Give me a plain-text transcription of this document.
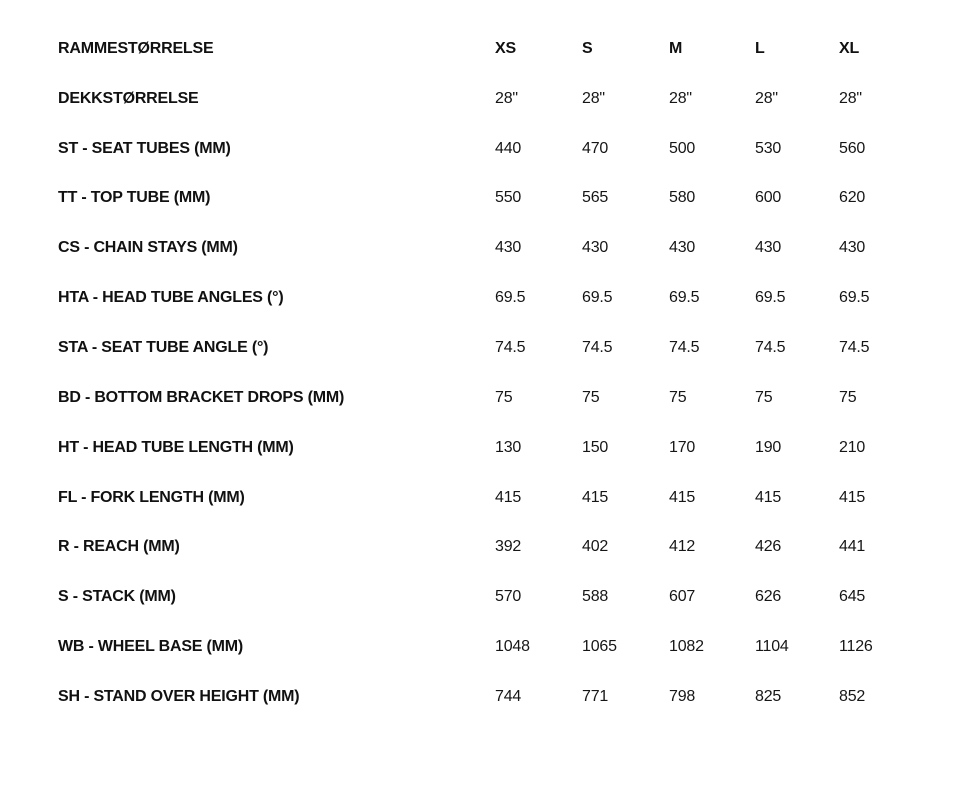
RAMMESTØRRELSE	XS	S	M	L	XL
DEKKSTØRRELSE	28"	28"	28"	28"	28"
ST - SEAT TUBES (MM)	440	470	500	530	560
TT - TOP TUBE (MM)	550	565	580	600	620
CS - CHAIN STAYS (MM)	430	430	430	430	430
HTA - HEAD TUBE ANGLES (°)	69.5	69.5	69.5	69.5	69.5
STA - SEAT TUBE ANGLE (°)	74.5	74.5	74.5	74.5	74.5
BD - BOTTOM BRACKET DROPS (MM)	75	75	75	75	75
HT - HEAD TUBE LENGTH (MM)	130	150	170	190	210
FL - FORK LENGTH (MM)	415	415	415	415	415
R - REACH (MM)	392	402	412	426	441
S - STACK (MM)	570	588	607	626	645
WB - WHEEL BASE (MM)	1048	1065	1082	1104	1126
SH - STAND OVER HEIGHT (MM)	744	771	798	825	852
